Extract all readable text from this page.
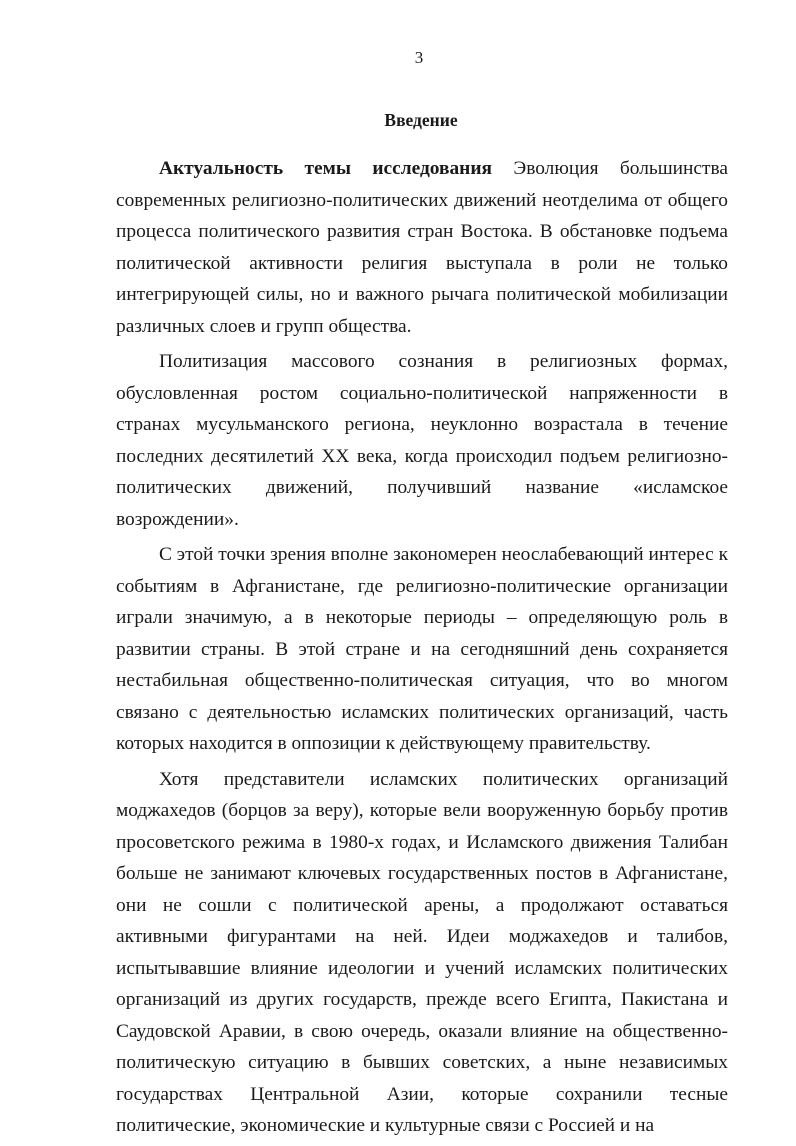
3
Введение

Актуальность темы исследования Эволюция большинства современных религиозно-политических движений неотделима от общего процесса политического развития стран Востока. В обстановке подъема политической активности религия выступала в роли не только интегрирующей силы, но и важного рычага политической мобилизации различных слоев и групп общества.

Политизация массового сознания в религиозных формах, обусловленная ростом социально-политической напряженности в странах мусульманского региона, неуклонно возрастала в течение последних десятилетий XX века, когда происходил подъем религиозно-политических движений, получивший название «исламское возрождении».

С этой точки зрения вполне закономерен неослабевающий интерес к событиям в Афганистане, где религиозно-политические организации играли значимую, а в некоторые периоды – определяющую роль в развитии страны. В этой стране и на сегодняшний день сохраняется нестабильная общественно-политическая ситуация, что во многом связано с деятельностью исламских политических организаций, часть которых находится в оппозиции к действующему правительству.

Хотя представители исламских политических организаций моджахедов (борцов за веру), которые вели вооруженную борьбу против просоветского режима в 1980-х годах, и Исламского движения Талибан больше не занимают ключевых государственных постов в Афганистане, они не сошли с политической арены, а продолжают оставаться активными фигурантами на ней. Идеи моджахедов и талибов, испытывавшие влияние идеологии и учений исламских политических организаций из других государств, прежде всего Египта, Пакистана и Саудовской Аравии, в свою очередь, оказали влияние на общественно-политическую ситуацию в бывших советских, а ныне независимых государствах Центральной Азии, которые сохранили тесные политические, экономические и культурные связи с Россией и на
